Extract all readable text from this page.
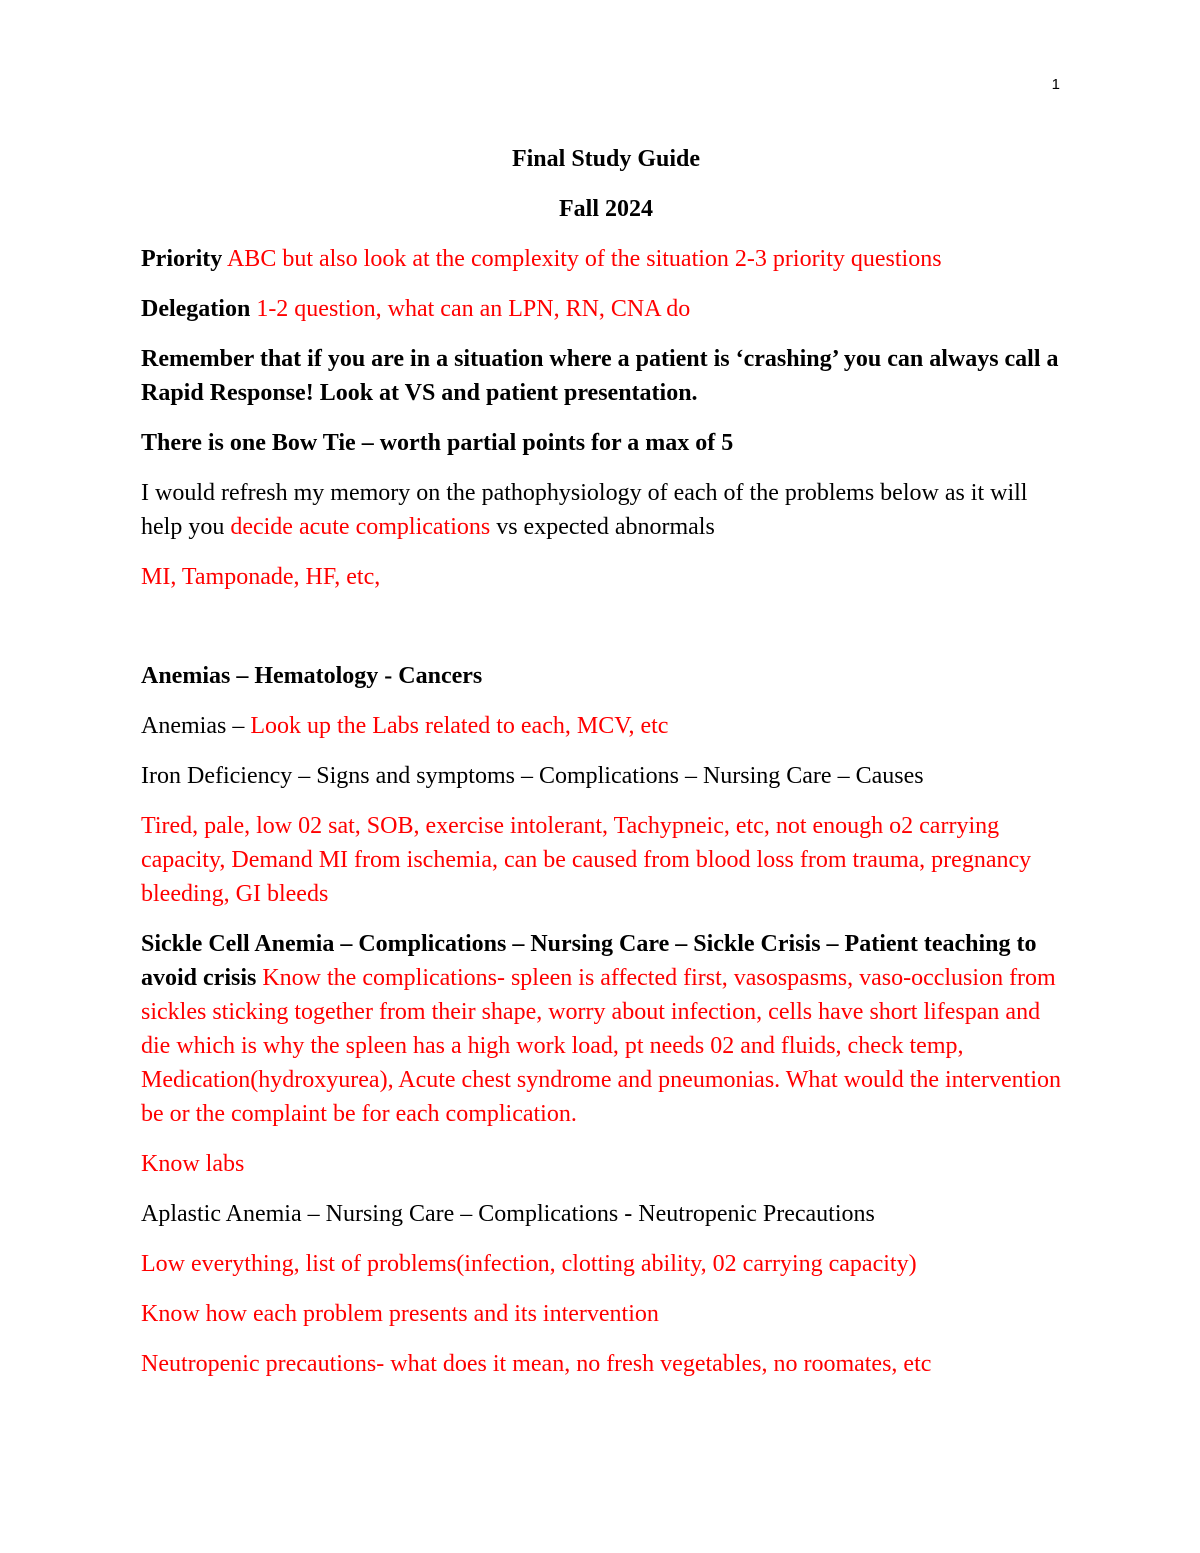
1

Final Study Guide

Fall 2024

Priority ABC but also look at the complexity of the situation 2-3 priority questions

Delegation 1-2 question, what can an LPN, RN, CNA do

Remember that if you are in a situation where a patient is ‘crashing’ you can always call a Rapid Response! Look at VS and patient presentation.

There is one Bow Tie – worth partial points for a max of 5

I would refresh my memory on the pathophysiology of each of the problems below as it will help you decide acute complications vs expected abnormals

MI, Tamponade, HF, etc,

Anemias – Hematology - Cancers

Anemias – Look up the Labs related to each, MCV, etc

Iron Deficiency – Signs and symptoms – Complications – Nursing Care – Causes

Tired, pale, low 02 sat, SOB, exercise intolerant, Tachypneic, etc, not enough o2 carrying capacity, Demand MI from ischemia, can be caused from blood loss from trauma, pregnancy bleeding, GI bleeds

Sickle Cell Anemia – Complications – Nursing Care – Sickle Crisis – Patient teaching to avoid crisis Know the complications- spleen is affected first, vasospasms, vaso-occlusion from sickles sticking together from their shape, worry about infection, cells have short lifespan and die which is why the spleen has a high work load, pt needs 02 and fluids, check temp, Medication(hydroxyurea), Acute chest syndrome and pneumonias. What would the intervention be or the complaint be for each complication.

Know labs

Aplastic Anemia – Nursing Care – Complications - Neutropenic Precautions

Low everything, list of problems(infection, clotting ability, 02 carrying capacity)

Know how each problem presents and its intervention

Neutropenic precautions- what does it mean, no fresh vegetables, no roomates, etc
